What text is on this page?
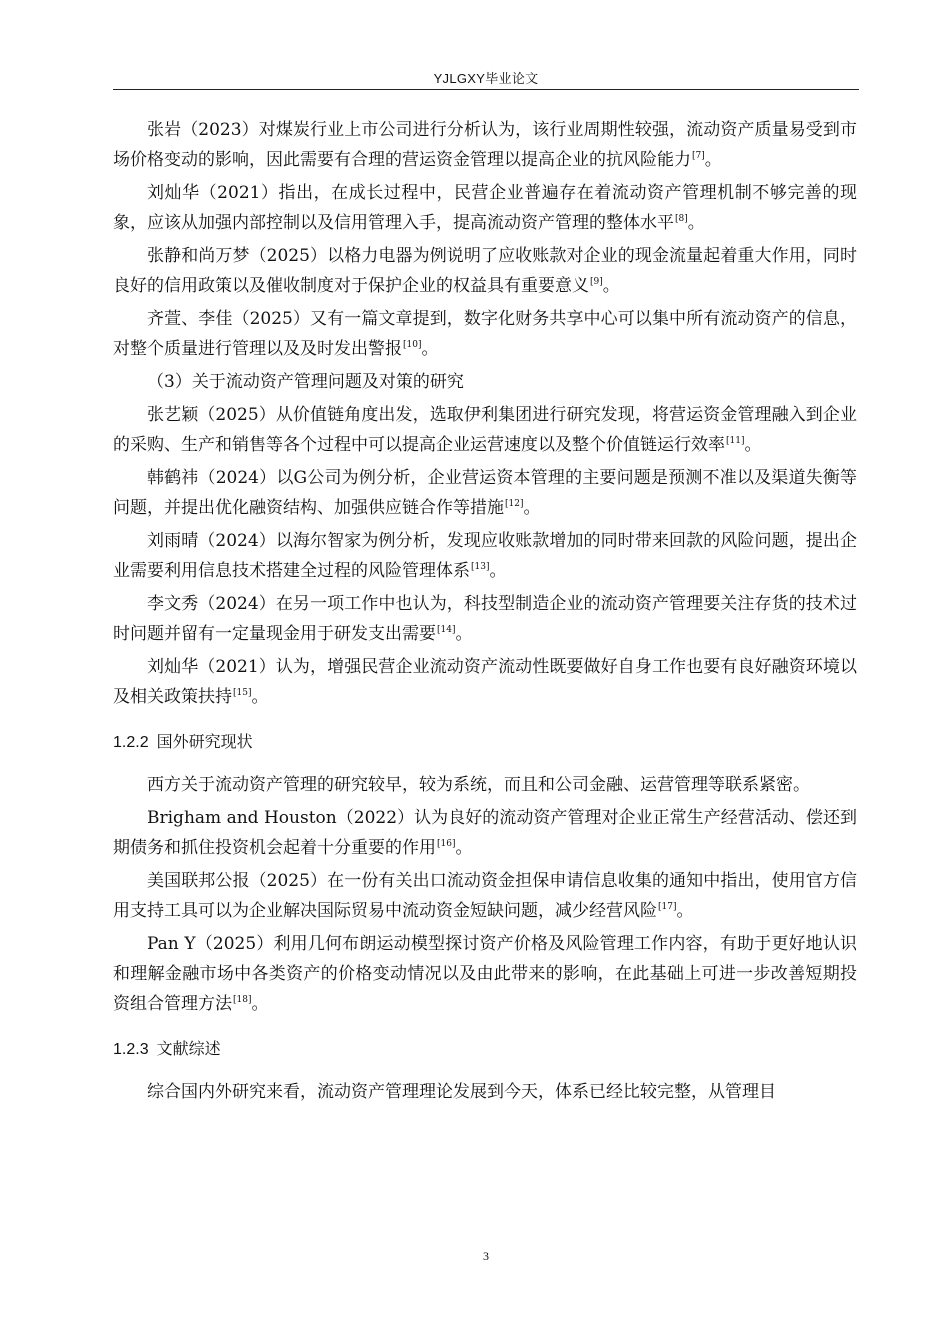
YJLGXY毕业论文

张岩（2023）对煤炭行业上市公司进行分析认为，该行业周期性较强，流动资产质量易受到市场价格变动的影响，因此需要有合理的营运资金管理以提高企业的抗风险能力[7]。

刘灿华（2021）指出，在成长过程中，民营企业普遍存在着流动资产管理机制不够完善的现象，应该从加强内部控制以及信用管理入手，提高流动资产管理的整体水平[8]。

张静和尚万梦（2025）以格力电器为例说明了应收账款对企业的现金流量起着重大作用，同时良好的信用政策以及催收制度对于保护企业的权益具有重要意义[9]。

齐萱、李佳（2025）又有一篇文章提到，数字化财务共享中心可以集中所有流动资产的信息，对整个质量进行管理以及及时发出警报[10]。

（3）关于流动资产管理问题及对策的研究

张艺颖（2025）从价值链角度出发，选取伊利集团进行研究发现，将营运资金管理融入到企业的采购、生产和销售等各个过程中可以提高企业运营速度以及整个价值链运行效率[11]。

韩鹤祎（2024）以G公司为例分析，企业营运资本管理的主要问题是预测不准以及渠道失衡等问题，并提出优化融资结构、加强供应链合作等措施[12]。

刘雨晴（2024）以海尔智家为例分析，发现应收账款增加的同时带来回款的风险问题，提出企业需要利用信息技术搭建全过程的风险管理体系[13]。

李文秀（2024）在另一项工作中也认为，科技型制造企业的流动资产管理要关注存货的技术过时问题并留有一定量现金用于研发支出需要[14]。

刘灿华（2021）认为，增强民营企业流动资产流动性既要做好自身工作也要有良好融资环境以及相关政策扶持[15]。

1.2.2 国外研究现状

西方关于流动资产管理的研究较早，较为系统，而且和公司金融、运营管理等联系紧密。

Brigham and Houston（2022）认为良好的流动资产管理对企业正常生产经营活动、偿还到期债务和抓住投资机会起着十分重要的作用[16]。

美国联邦公报（2025）在一份有关出口流动资金担保申请信息收集的通知中指出，使用官方信用支持工具可以为企业解决国际贸易中流动资金短缺问题，减少经营风险[17]。

Pan Y（2025）利用几何布朗运动模型探讨资产价格及风险管理工作内容，有助于更好地认识和理解金融市场中各类资产的价格变动情况以及由此带来的影响，在此基础上可进一步改善短期投资组合管理方法[18]。

1.2.3 文献综述

综合国内外研究来看，流动资产管理理论发展到今天，体系已经比较完整，从管理目

3
